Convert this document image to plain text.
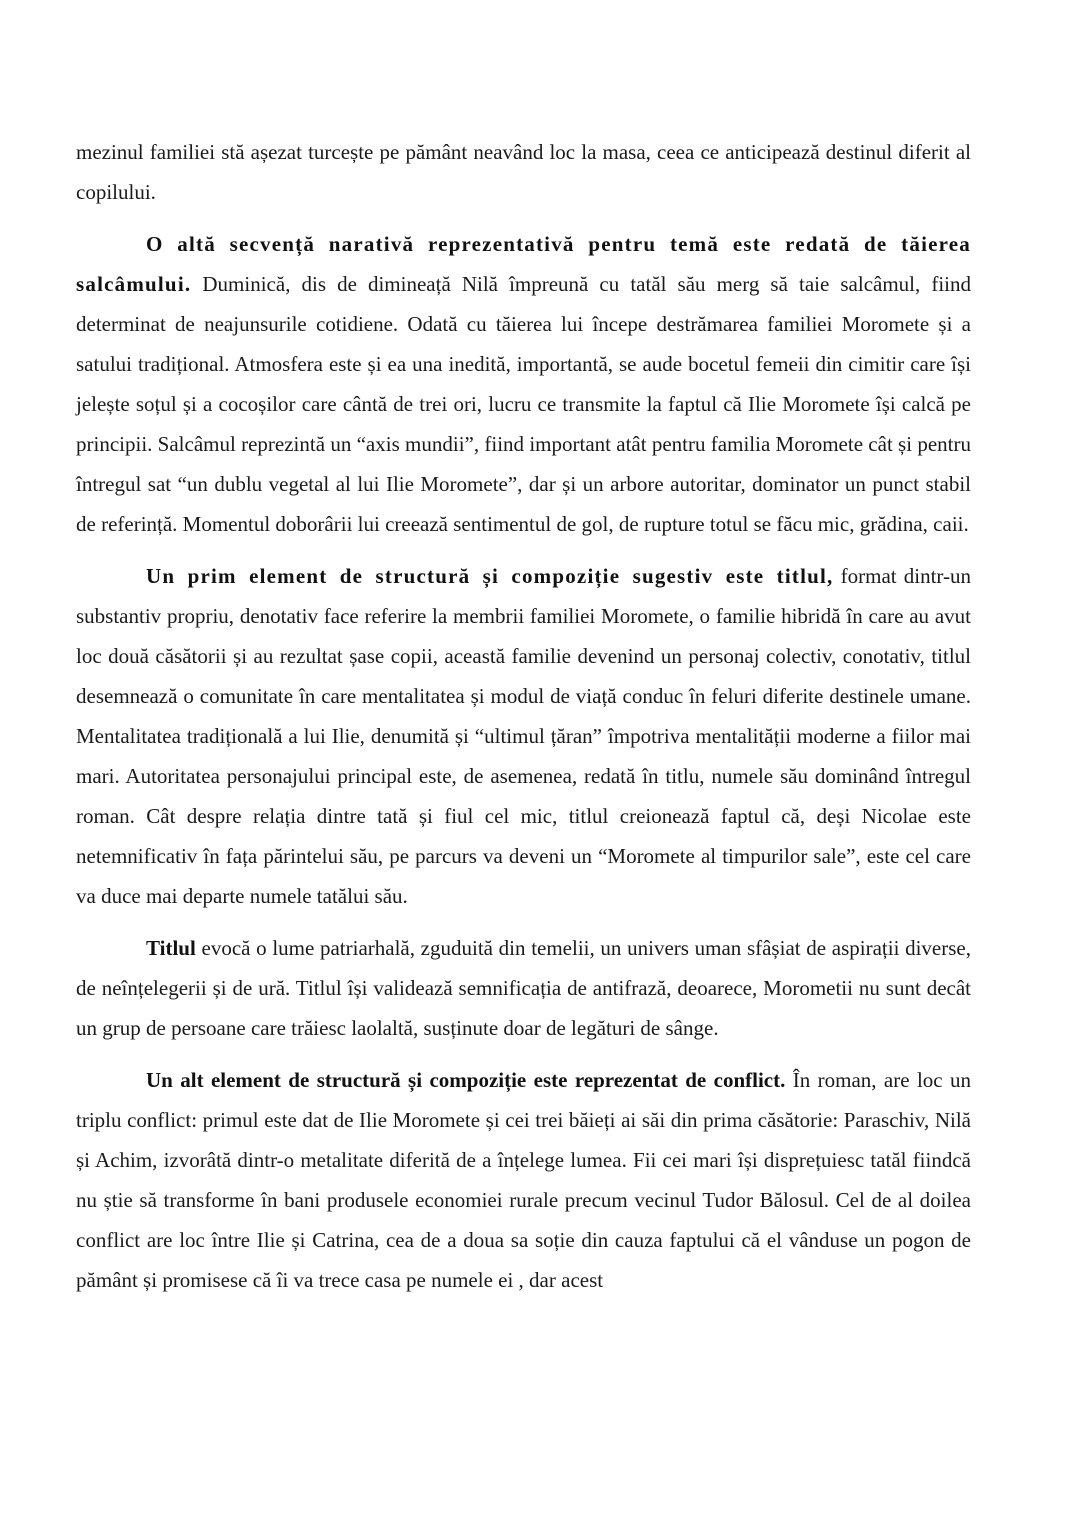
mezinul familiei stă așezat turcește pe pământ neavând loc la masa, ceea ce anticipează destinul diferit al copilului.

O altă secvență narativă reprezentativă pentru temă este redată de tăierea salcâmului. Duminică, dis de dimineață Nilă împreună cu tatăl său merg să taie salcâmul, fiind determinat de neajunsurile cotidiene. Odată cu tăierea lui începe destrămarea familiei Moromete și a satului tradițional. Atmosfera este și ea una inedită, importantă, se aude bocetul femeii din cimitir care își jelește soțul și a cocoșilor care cântă de trei ori, lucru ce transmite la faptul că Ilie Moromete își calcă pe principii. Salcâmul reprezintă un “axis mundii”, fiind important atât pentru familia Moromete cât și pentru întregul sat “un dublu vegetal al lui Ilie Moromete”, dar și un arbore autoritar, dominator un punct stabil de referință. Momentul doborârii lui creează sentimentul de gol, de rupture totul se făcu mic, grădina, caii.

Un prim element de structură și compoziție sugestiv este titlul, format dintr-un substantiv propriu, denotativ face referire la membrii familiei Moromete, o familie hibridă în care au avut loc două căsătorii și au rezultat șase copii, această familie devenind un personaj colectiv, conotativ, titlul desemnează o comunitate în care mentalitatea și modul de viață conduc în feluri diferite destinele umane. Mentalitatea tradițională a lui Ilie, denumită și “ultimul țăran” împotriva mentalității moderne a fiilor mai mari. Autoritatea personajului principal este, de asemenea, redată în titlu, numele său dominând întregul roman. Cât despre relația dintre tată și fiul cel mic, titlul creionează faptul că, deși Nicolae este netemnificativ în fața părintelui său, pe parcurs va deveni un “Moromete al timpurilor sale”, este cel care va duce mai departe numele tatălui său.

Titlul evocă o lume patriarhală, zguduită din temelii, un univers uman sfâșiat de aspirații diverse, de neînțelegerii și de ură. Titlul își validează semnificația de antifrază, deoarece, Morometii nu sunt decât un grup de persoane care trăiesc laolaltă, susținute doar de legături de sânge.

Un alt element de structură și compoziție este reprezentat de conflict. În roman, are loc un triplu conflict: primul este dat de Ilie Moromete și cei trei băieți ai săi din prima căsătorie: Paraschiv, Nilă și Achim, izvorâtă dintr-o metalitate diferită de a înțelege lumea. Fii cei mari își disprețuiesc tatăl fiindcă nu știe să transforme în bani produsele economiei rurale precum vecinul Tudor Bălosul. Cel de al doilea conflict are loc între Ilie și Catrina, cea de a doua sa soție din cauza faptului că el vânduse un pogon de pământ și promisese că îi va trece casa pe numele ei , dar acest
